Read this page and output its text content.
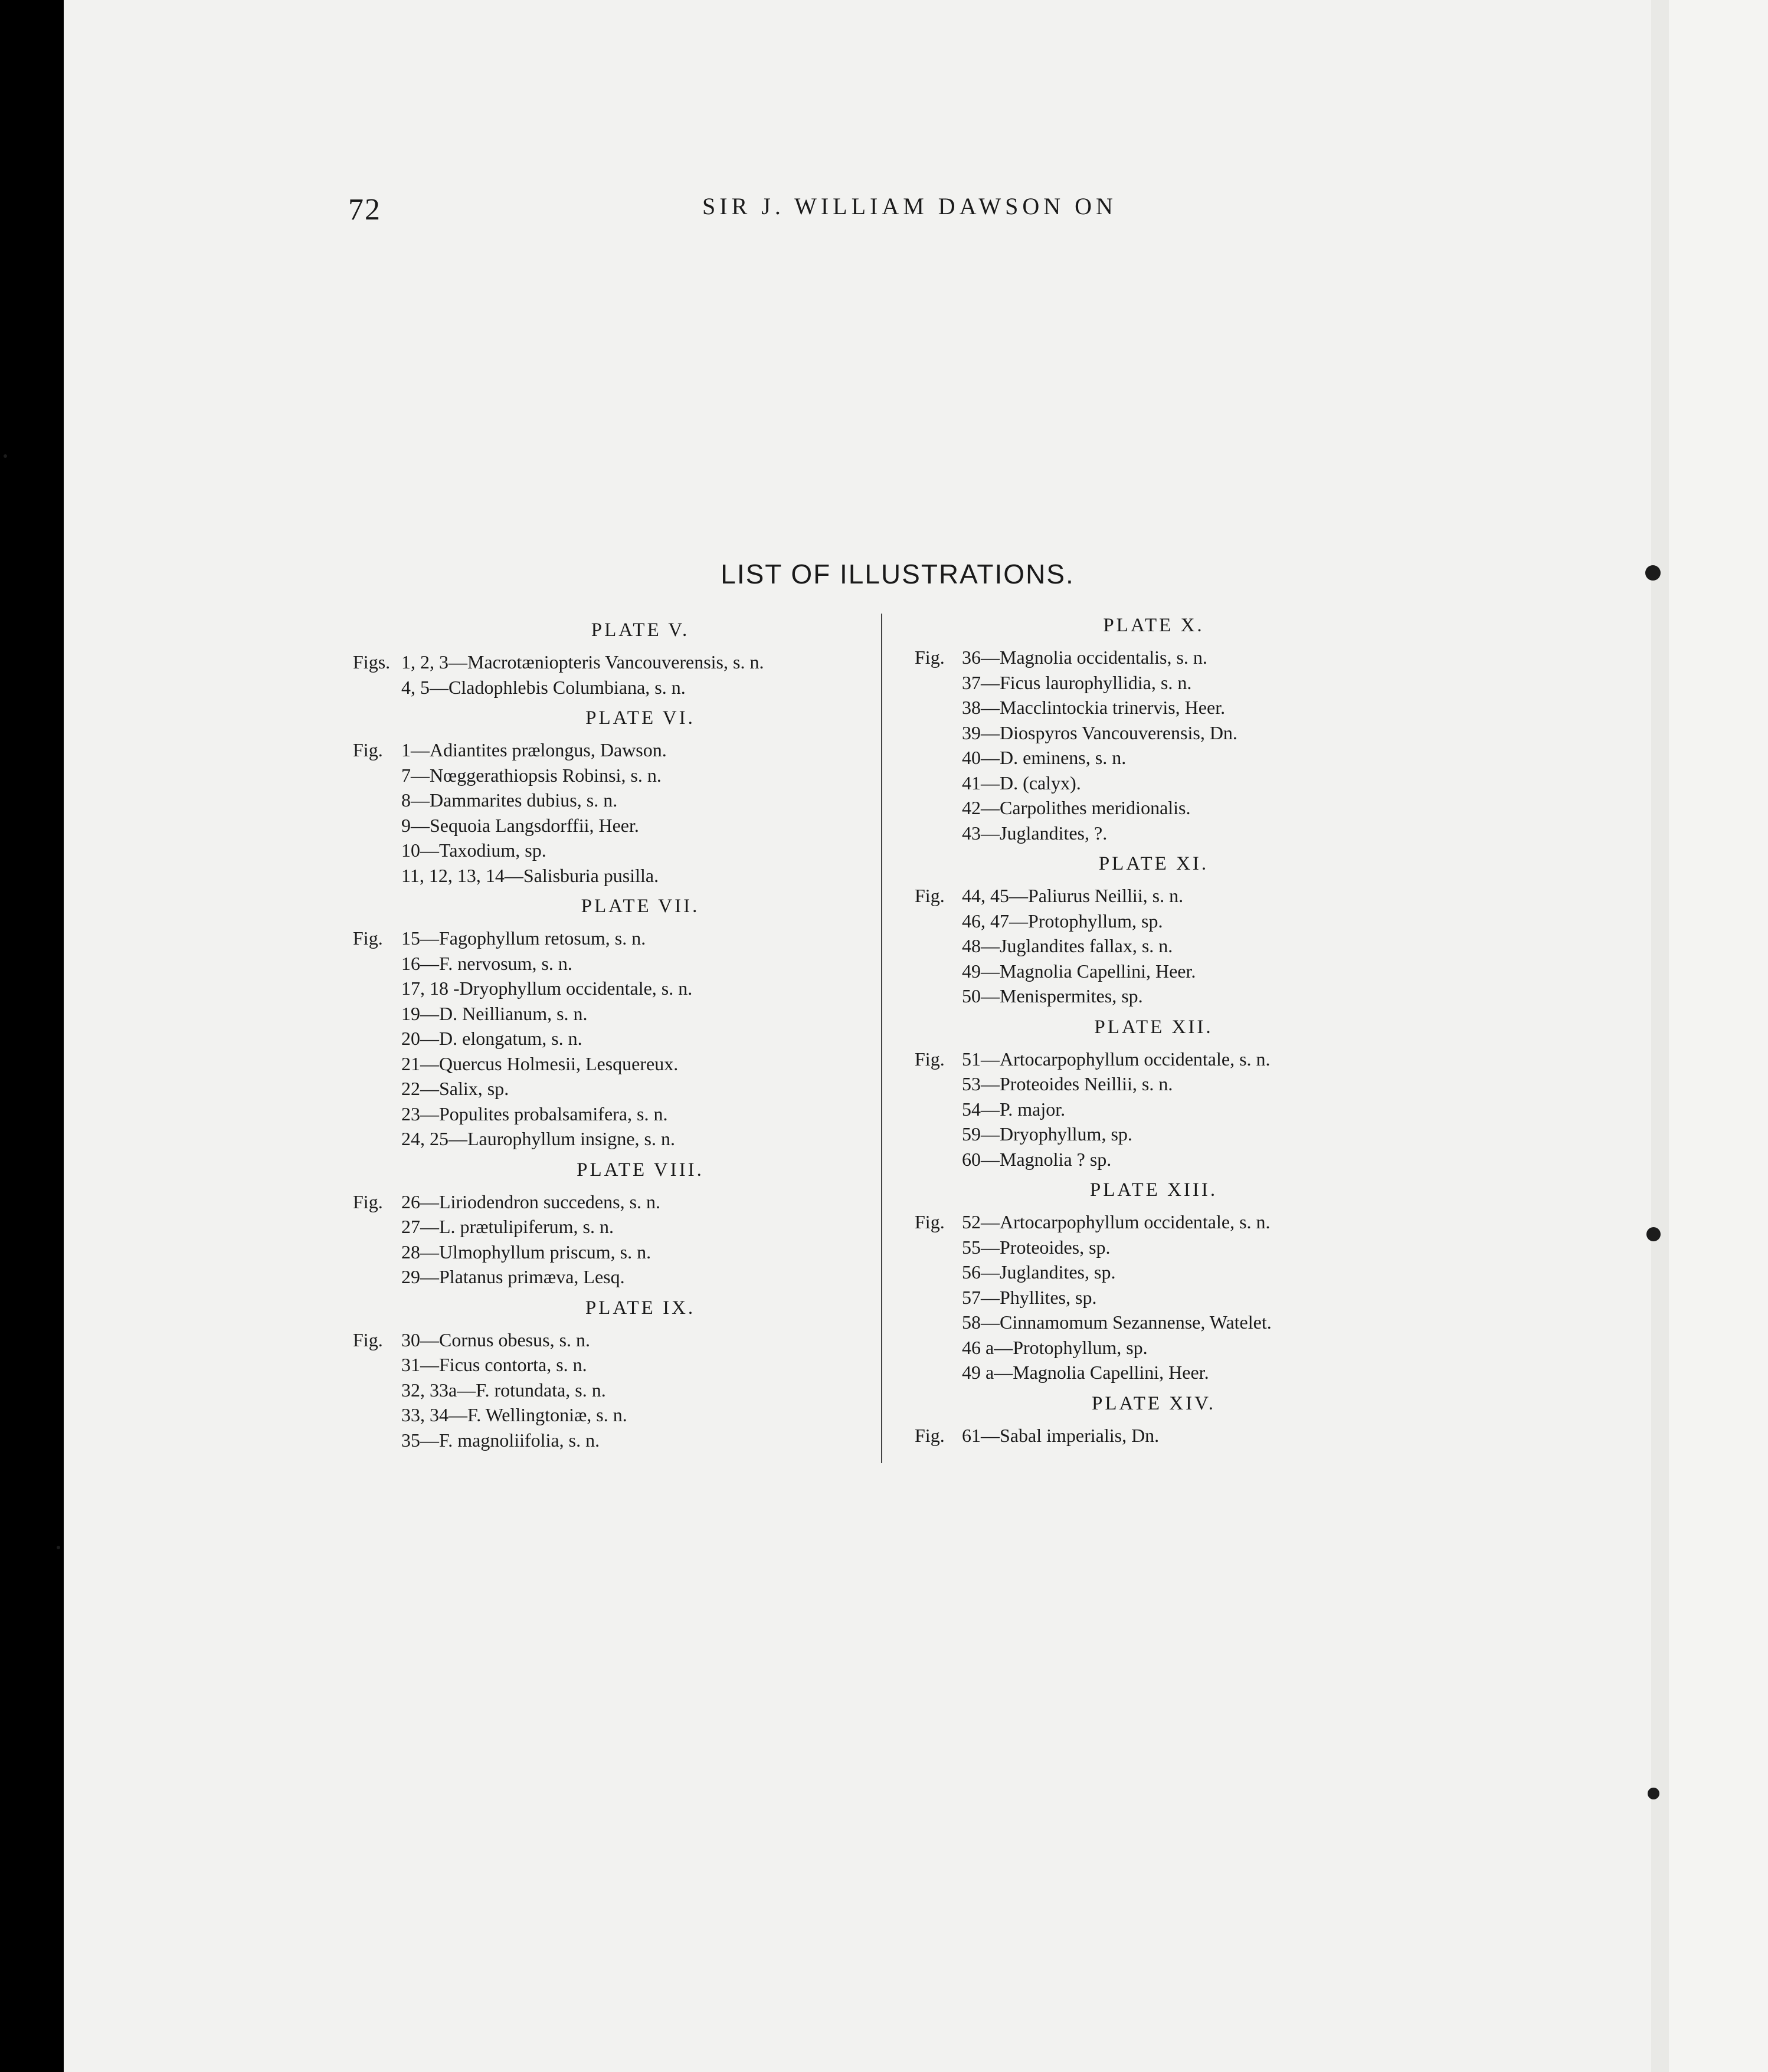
72	SIR J. WILLIAM DAWSON ON
LIST OF ILLUSTRATIONS.
PLATE V.
Figs. 1, 2, 3—Macrotæniopteris Vancouverensis, s. n.
4, 5—Cladophlebis Columbiana, s. n.
PLATE VI.
Fig. 1—Adiantites prælongus, Dawson.
7—Nœggerathiopsis Robinsi, s. n.
8—Dammarites dubius, s. n.
9—Sequoia Langsdorffii, Heer.
10—Taxodium, sp.
11, 12, 13, 14—Salisburia pusilla.
PLATE VII.
Fig. 15—Fagophyllum retosum, s. n.
16—F. nervosum, s. n.
17, 18 -Dryophyllum occidentale, s. n.
19—D. Neillianum, s. n.
20—D. elongatum, s. n.
21—Quercus Holmesii, Lesquereux.
22—Salix, sp.
23—Populites probalsamifera, s. n.
24, 25—Laurophyllum insigne, s. n.
PLATE VIII.
Fig. 26—Liriodendron succedens, s. n.
27—L. prætulipiferum, s. n.
28—Ulmophyllum priscum, s. n.
29—Platanus primæva, Lesq.
PLATE IX.
Fig. 30—Cornus obesus, s. n.
31—Ficus contorta, s. n.
32, 33a—F. rotundata, s. n.
33, 34—F. Wellingtoniæ, s. n.
35—F. magnoliifolia, s. n.
PLATE X.
Fig. 36—Magnolia occidentalis, s. n.
37—Ficus laurophyllidia, s. n.
38—Macclintockia trinervis, Heer.
39—Diospyros Vancouverensis, Dn.
40—D. eminens, s. n.
41—D. (calyx).
42—Carpolithes meridionalis.
43—Juglandites, ?.
PLATE XI.
Fig. 44, 45—Paliurus Neillii, s. n.
46, 47—Protophyllum, sp.
48—Juglandites fallax, s. n.
49—Magnolia Capellini, Heer.
50—Menispermites, sp.
PLATE XII.
Fig. 51—Artocarpophyllum occidentale, s. n.
53—Proteoides Neillii, s. n.
54—P. major.
59—Dryophyllum, sp.
60—Magnolia ? sp.
PLATE XIII.
Fig. 52—Artocarpophyllum occidentale, s. n.
55—Proteoides, sp.
56—Juglandites, sp.
57—Phyllites, sp.
58—Cinnamomum Sezannense, Watelet.
46 a—Protophyllum, sp.
49 a—Magnolia Capellini, Heer.
PLATE XIV.
Fig. 61—Sabal imperialis, Dn.
